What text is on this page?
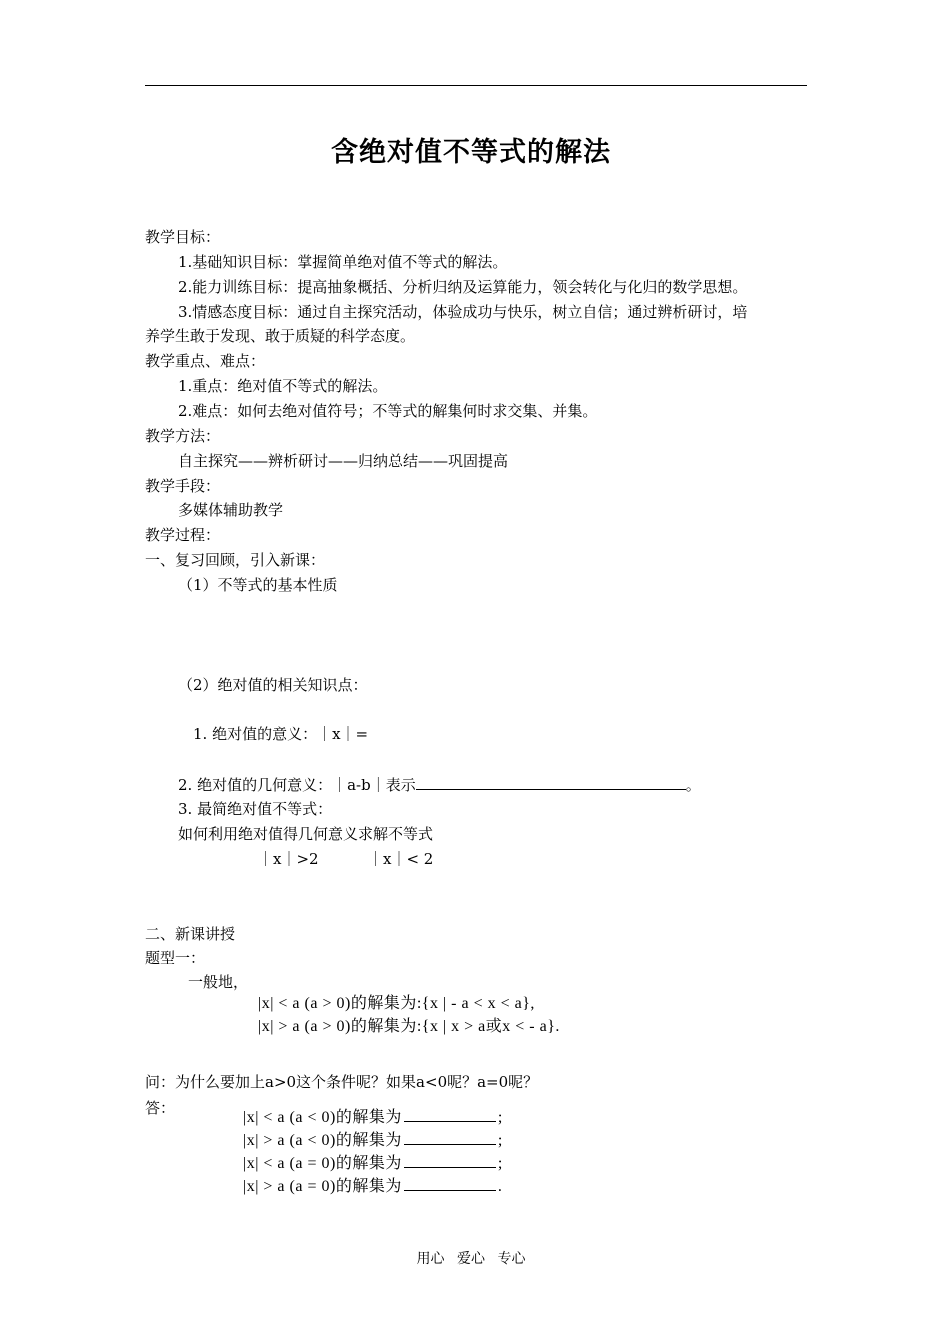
含绝对值不等式的解法
教学目标：
1.基础知识目标：掌握简单绝对值不等式的解法。
2.能力训练目标：提高抽象概括、分析归纳及运算能力，领会转化与化归的数学思想。
3.情感态度目标：通过自主探究活动，体验成功与快乐，树立自信；通过辨析研讨，培
养学生敢于发现、敢于质疑的科学态度。
教学重点、难点：
1.重点：绝对值不等式的解法。
2.难点：如何去绝对值符号；不等式的解集何时求交集、并集。
教学方法：
自主探究——辨析研讨——归纳总结——巩固提高
教学手段：
多媒体辅助教学
教学过程：
一、复习回顾，引入新课：
（1）不等式的基本性质
（2）绝对值的相关知识点：
1. 绝对值的意义：｜x｜=
2. 绝对值的几何意义：｜a-b｜表示	。
3. 最简绝对值不等式：
如何利用绝对值得几何意义求解不等式
｜x｜>2	｜x｜< 2
二、新课讲授
题型一：
一般地，
|x| < a (a > 0)的解集为:{x | - a < x < a},
|x| > a (a > 0)的解集为:{x | x > a或x < - a}.
问：为什么要加上a>0这个条件呢？如果a<0呢？a=0呢？
答：
|x| < a (a < 0)的解集为	;
|x| > a (a < 0)的解集为	;
|x| < a (a = 0)的解集为	;
|x| > a (a = 0)的解集为	.
用心 爱心 专心
